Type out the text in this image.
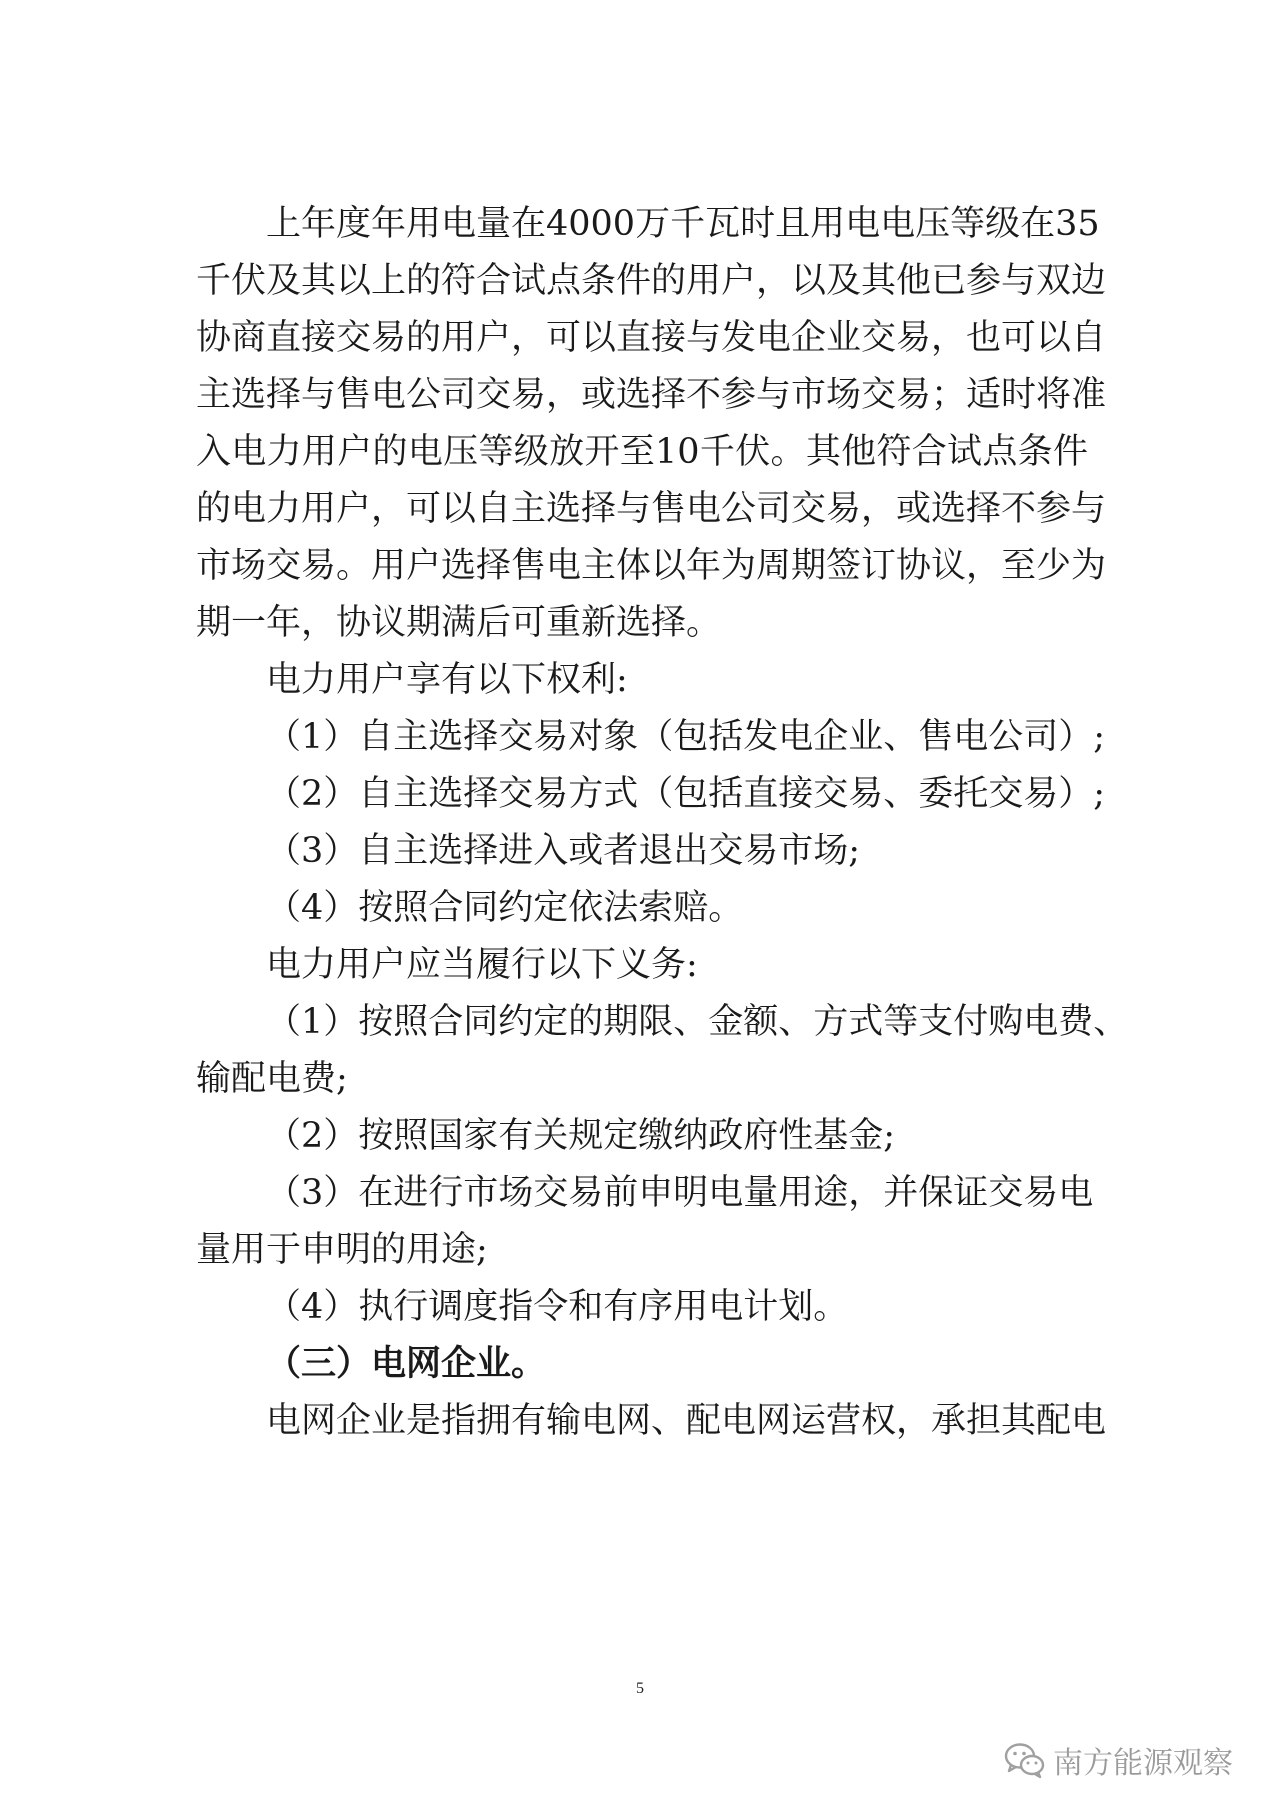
上年度年用电量在4000万千瓦时且用电电压等级在35
千伏及其以上的符合试点条件的用户，以及其他已参与双边
协商直接交易的用户，可以直接与发电企业交易，也可以自
主选择与售电公司交易，或选择不参与市场交易；适时将准
入电力用户的电压等级放开至10千伏。其他符合试点条件
的电力用户，可以自主选择与售电公司交易，或选择不参与
市场交易。用户选择售电主体以年为周期签订协议，至少为
期一年，协议期满后可重新选择。
电力用户享有以下权利:
（1）自主选择交易对象（包括发电企业、售电公司）;
（2）自主选择交易方式（包括直接交易、委托交易）;
（3）自主选择进入或者退出交易市场;
（4）按照合同约定依法索赔。
电力用户应当履行以下义务:
（1）按照合同约定的期限、金额、方式等支付购电费、
输配电费;
（2）按照国家有关规定缴纳政府性基金;
（3）在进行市场交易前申明电量用途，并保证交易电
量用于申明的用途;
（4）执行调度指令和有序用电计划。
（三）电网企业。
电网企业是指拥有输电网、配电网运营权，承担其配电
5
南方能源观察
